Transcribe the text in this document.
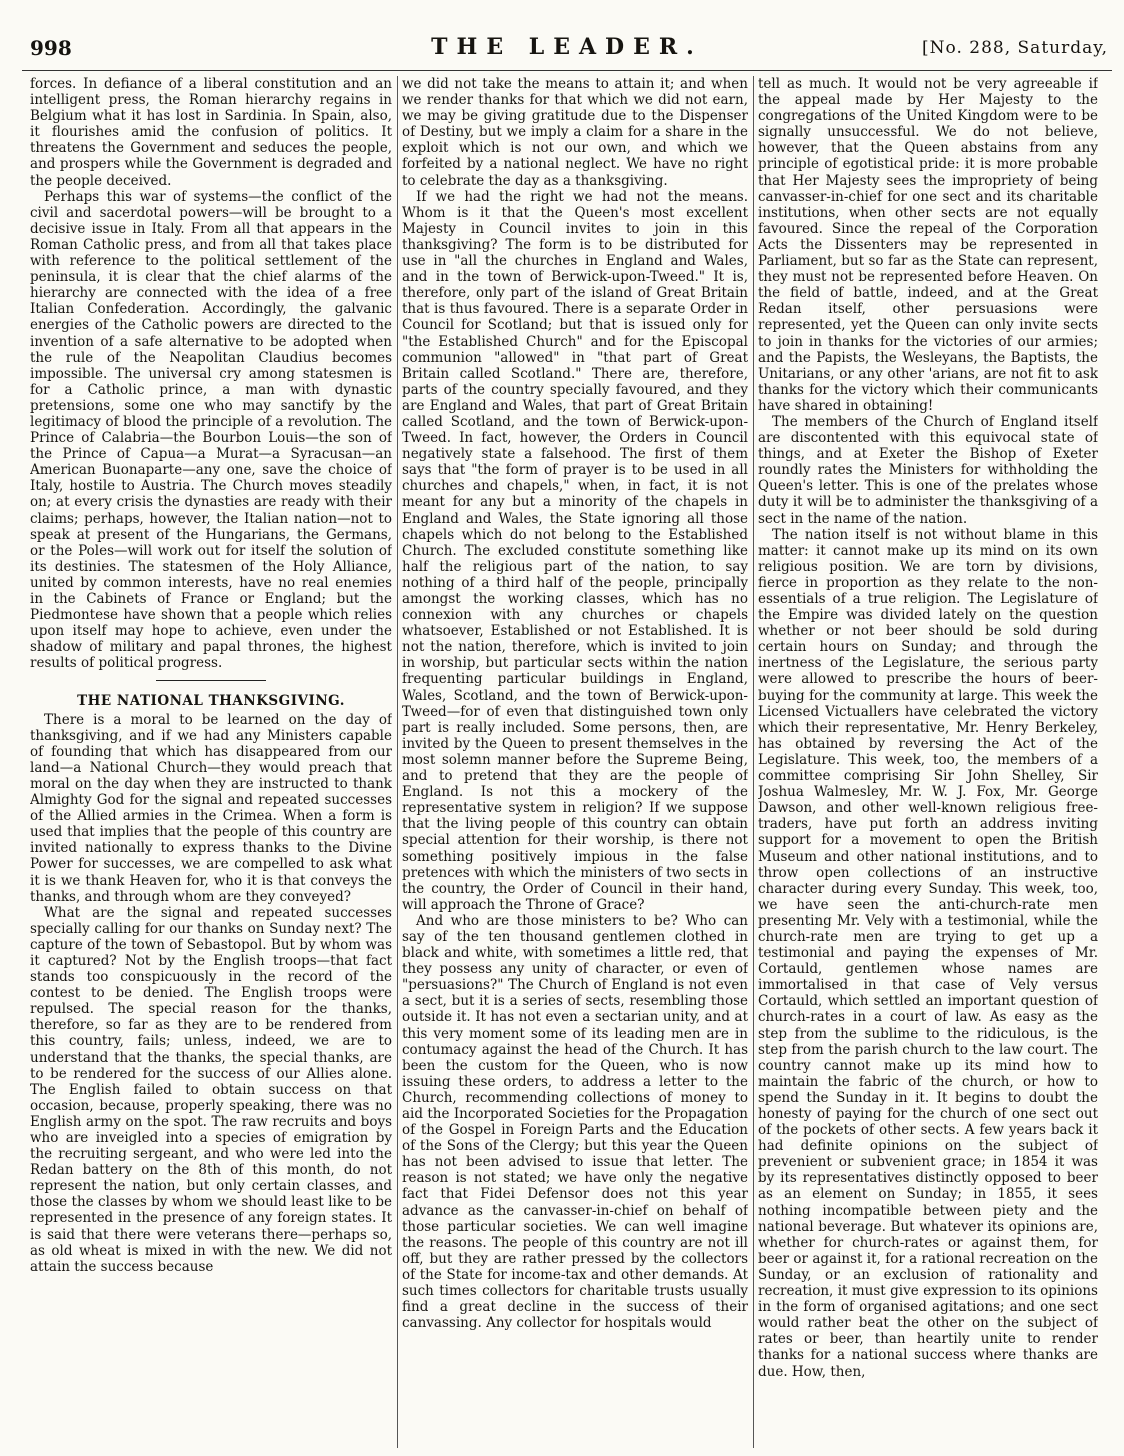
998	THE LEADER.	[No. 288, Saturday,

forces. In defiance of a liberal constitution and an intelligent press, the Roman hierarchy regains in Belgium what it has lost in Sardinia. In Spain, also, it flourishes amid the confusion of politics. It threatens the Government and seduces the people, and prospers while the Government is degraded and the people deceived.

Perhaps this war of systems—the conflict of the civil and sacerdotal powers—will be brought to a decisive issue in Italy. From all that appears in the Roman Catholic press, and from all that takes place with reference to the political settlement of the peninsula, it is clear that the chief alarms of the hierarchy are connected with the idea of a free Italian Confederation. Accordingly, the galvanic energies of the Catholic powers are directed to the invention of a safe alternative to be adopted when the rule of the Neapolitan Claudius becomes impossible. The universal cry among statesmen is for a Catholic prince, a man with dynastic pretensions, some one who may sanctify by the legitimacy of blood the principle of a revolution. The Prince of Calabria—the Bourbon Louis—the son of the Prince of Capua—a Murat—a Syracusan—an American Buonaparte—any one, save the choice of Italy, hostile to Austria. The Church moves steadily on; at every crisis the dynasties are ready with their claims; perhaps, however, the Italian nation—not to speak at present of the Hungarians, the Germans, or the Poles—will work out for itself the solution of its destinies. The statesmen of the Holy Alliance, united by common interests, have no real enemies in the Cabinets of France or England; but the Piedmontese have shown that a people which relies upon itself may hope to achieve, even under the shadow of military and papal thrones, the highest results of political progress.

THE NATIONAL THANKSGIVING.

There is a moral to be learned on the day of thanksgiving, and if we had any Ministers capable of founding that which has disappeared from our land—a National Church—they would preach that moral on the day when they are instructed to thank Almighty God for the signal and repeated successes of the Allied armies in the Crimea. When a form is used that implies that the people of this country are invited nationally to express thanks to the Divine Power for successes, we are compelled to ask what it is we thank Heaven for, who it is that conveys the thanks, and through whom are they conveyed?

What are the signal and repeated successes specially calling for our thanks on Sunday next? The capture of the town of Sebastopol. But by whom was it captured? Not by the English troops—that fact stands too conspicuously in the record of the contest to be denied. The English troops were repulsed. The special reason for the thanks, therefore, so far as they are to be rendered from this country, fails; unless, indeed, we are to understand that the thanks, the special thanks, are to be rendered for the success of our Allies alone. The English failed to obtain success on that occasion, because, properly speaking, there was no English army on the spot. The raw recruits and boys who are inveigled into a species of emigration by the recruiting sergeant, and who were led into the Redan battery on the 8th of this month, do not represent the nation, but only certain classes, and those the classes by whom we should least like to be represented in the presence of any foreign states. It is said that there were veterans there—perhaps so, as old wheat is mixed in with the new. We did not attain the success because

we did not take the means to attain it; and when we render thanks for that which we did not earn, we may be giving gratitude due to the Dispenser of Destiny, but we imply a claim for a share in the exploit which is not our own, and which we forfeited by a national neglect. We have no right to celebrate the day as a thanksgiving.

If we had the right we had not the means. Whom is it that the Queen's most excellent Majesty in Council invites to join in this thanksgiving? The form is to be distributed for use in "all the churches in England and Wales, and in the town of Berwick-upon-Tweed." It is, therefore, only part of the island of Great Britain that is thus favoured. There is a separate Order in Council for Scotland; but that is issued only for "the Established Church" and for the Episcopal communion "allowed" in "that part of Great Britain called Scotland." There are, therefore, parts of the country specially favoured, and they are England and Wales, that part of Great Britain called Scotland, and the town of Berwick-upon-Tweed. In fact, however, the Orders in Council negatively state a falsehood. The first of them says that "the form of prayer is to be used in all churches and chapels," when, in fact, it is not meant for any but a minority of the chapels in England and Wales, the State ignoring all those chapels which do not belong to the Established Church. The excluded constitute something like half the religious part of the nation, to say nothing of a third half of the people, principally amongst the working classes, which has no connexion with any churches or chapels whatsoever, Established or not Established. It is not the nation, therefore, which is invited to join in worship, but particular sects within the nation frequenting particular buildings in England, Wales, Scotland, and the town of Berwick-upon-Tweed—for of even that distinguished town only part is really included. Some persons, then, are invited by the Queen to present themselves in the most solemn manner before the Supreme Being, and to pretend that they are the people of England. Is not this a mockery of the representative system in religion? If we suppose that the living people of this country can obtain special attention for their worship, is there not something positively impious in the false pretences with which the ministers of two sects in the country, the Order of Council in their hand, will approach the Throne of Grace?

And who are those ministers to be? Who can say of the ten thousand gentlemen clothed in black and white, with sometimes a little red, that they possess any unity of character, or even of "persuasions?" The Church of England is not even a sect, but it is a series of sects, resembling those outside it. It has not even a sectarian unity, and at this very moment some of its leading men are in contumacy against the head of the Church. It has been the custom for the Queen, who is now issuing these orders, to address a letter to the Church, recommending collections of money to aid the Incorporated Societies for the Propagation of the Gospel in Foreign Parts and the Education of the Sons of the Clergy; but this year the Queen has not been advised to issue that letter. The reason is not stated; we have only the negative fact that Fidei Defensor does not this year advance as the canvasser-in-chief on behalf of those particular societies. We can well imagine the reasons. The people of this country are not ill off, but they are rather pressed by the collectors of the State for income-tax and other demands. At such times collectors for charitable trusts usually find a great decline in the success of their canvassing. Any collector for hospitals would

tell as much. It would not be very agreeable if the appeal made by Her Majesty to the congregations of the United Kingdom were to be signally unsuccessful. We do not believe, however, that the Queen abstains from any principle of egotistical pride: it is more probable that Her Majesty sees the impropriety of being canvasser-in-chief for one sect and its charitable institutions, when other sects are not equally favoured. Since the repeal of the Corporation Acts the Dissenters may be represented in Parliament, but so far as the State can represent, they must not be represented before Heaven. On the field of battle, indeed, and at the Great Redan itself, other persuasions were represented, yet the Queen can only invite sects to join in thanks for the victories of our armies; and the Papists, the Wesleyans, the Baptists, the Unitarians, or any other 'arians, are not fit to ask thanks for the victory which their communicants have shared in obtaining!

The members of the Church of England itself are discontented with this equivocal state of things, and at Exeter the Bishop of Exeter roundly rates the Ministers for withholding the Queen's letter. This is one of the prelates whose duty it will be to administer the thanksgiving of a sect in the name of the nation.

The nation itself is not without blame in this matter: it cannot make up its mind on its own religious position. We are torn by divisions, fierce in proportion as they relate to the non-essentials of a true religion. The Legislature of the Empire was divided lately on the question whether or not beer should be sold during certain hours on Sunday; and through the inertness of the Legislature, the serious party were allowed to prescribe the hours of beer-buying for the community at large. This week the Licensed Victuallers have celebrated the victory which their representative, Mr. Henry Berkeley, has obtained by reversing the Act of the Legislature. This week, too, the members of a committee comprising Sir John Shelley, Sir Joshua Walmesley, Mr. W. J. Fox, Mr. George Dawson, and other well-known religious free-traders, have put forth an address inviting support for a movement to open the British Museum and other national institutions, and to throw open collections of an instructive character during every Sunday. This week, too, we have seen the anti-church-rate men presenting Mr. Vely with a testimonial, while the church-rate men are trying to get up a testimonial and paying the expenses of Mr. Cortauld, gentlemen whose names are immortalised in that case of Vely versus Cortauld, which settled an important question of church-rates in a court of law. As easy as the step from the sublime to the ridiculous, is the step from the parish church to the law court. The country cannot make up its mind how to maintain the fabric of the church, or how to spend the Sunday in it. It begins to doubt the honesty of paying for the church of one sect out of the pockets of other sects. A few years back it had definite opinions on the subject of prevenient or subvenient grace; in 1854 it was by its representatives distinctly opposed to beer as an element on Sunday; in 1855, it sees nothing incompatible between piety and the national beverage. But whatever its opinions are, whether for church-rates or against them, for beer or against it, for a rational recreation on the Sunday, or an exclusion of rationality and recreation, it must give expression to its opinions in the form of organised agitations; and one sect would rather beat the other on the subject of rates or beer, than heartily unite to render thanks for a national success where thanks are due. How, then,
